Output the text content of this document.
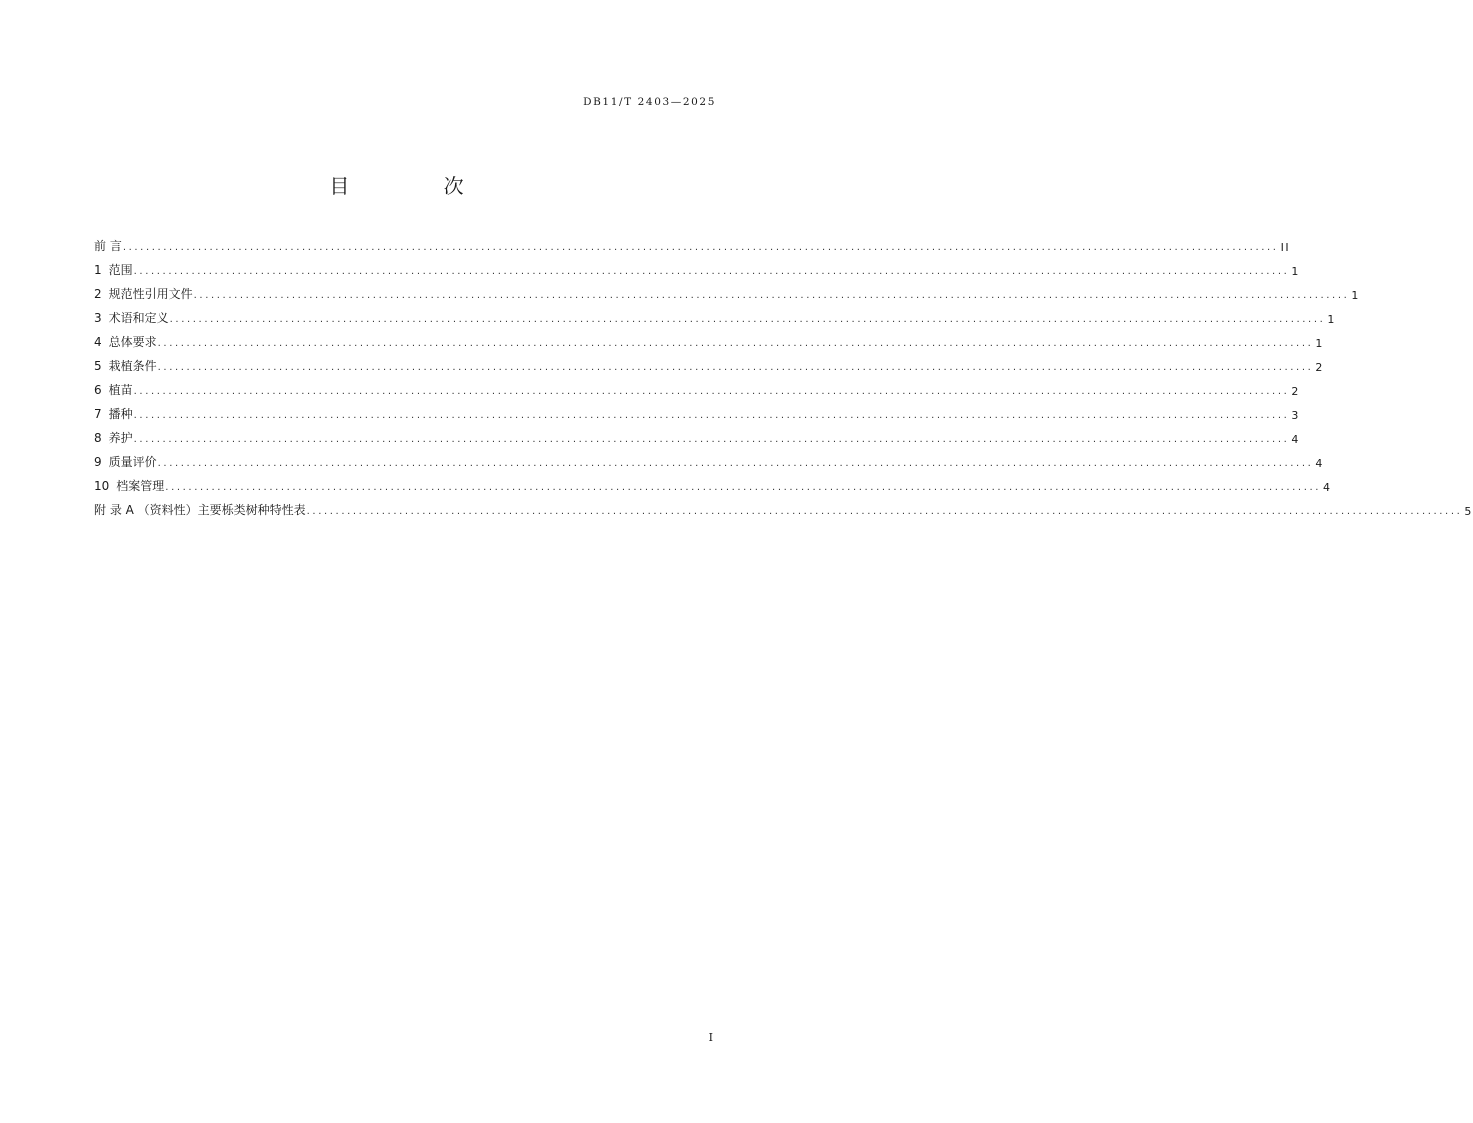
DB11/T 2403—2025
目 次
前 言 ........................................................................................................................................................................................................ II
1 范围 ........................................................................................................................................................................................................ 1
2 规范性引用文件 ........................................................................................................................................................................................................ 1
3 术语和定义 ........................................................................................................................................................................................................ 1
4 总体要求 ........................................................................................................................................................................................................ 1
5 栽植条件 ........................................................................................................................................................................................................ 2
6 植苗 ........................................................................................................................................................................................................ 2
7 播种 ........................................................................................................................................................................................................ 3
8 养护 ........................................................................................................................................................................................................ 4
9 质量评价 ........................................................................................................................................................................................................ 4
10 档案管理 ........................................................................................................................................................................................................ 4
附 录 A （资料性）主要栎类树种特性表 ........................................................................................................................................................................................................ 5
I
